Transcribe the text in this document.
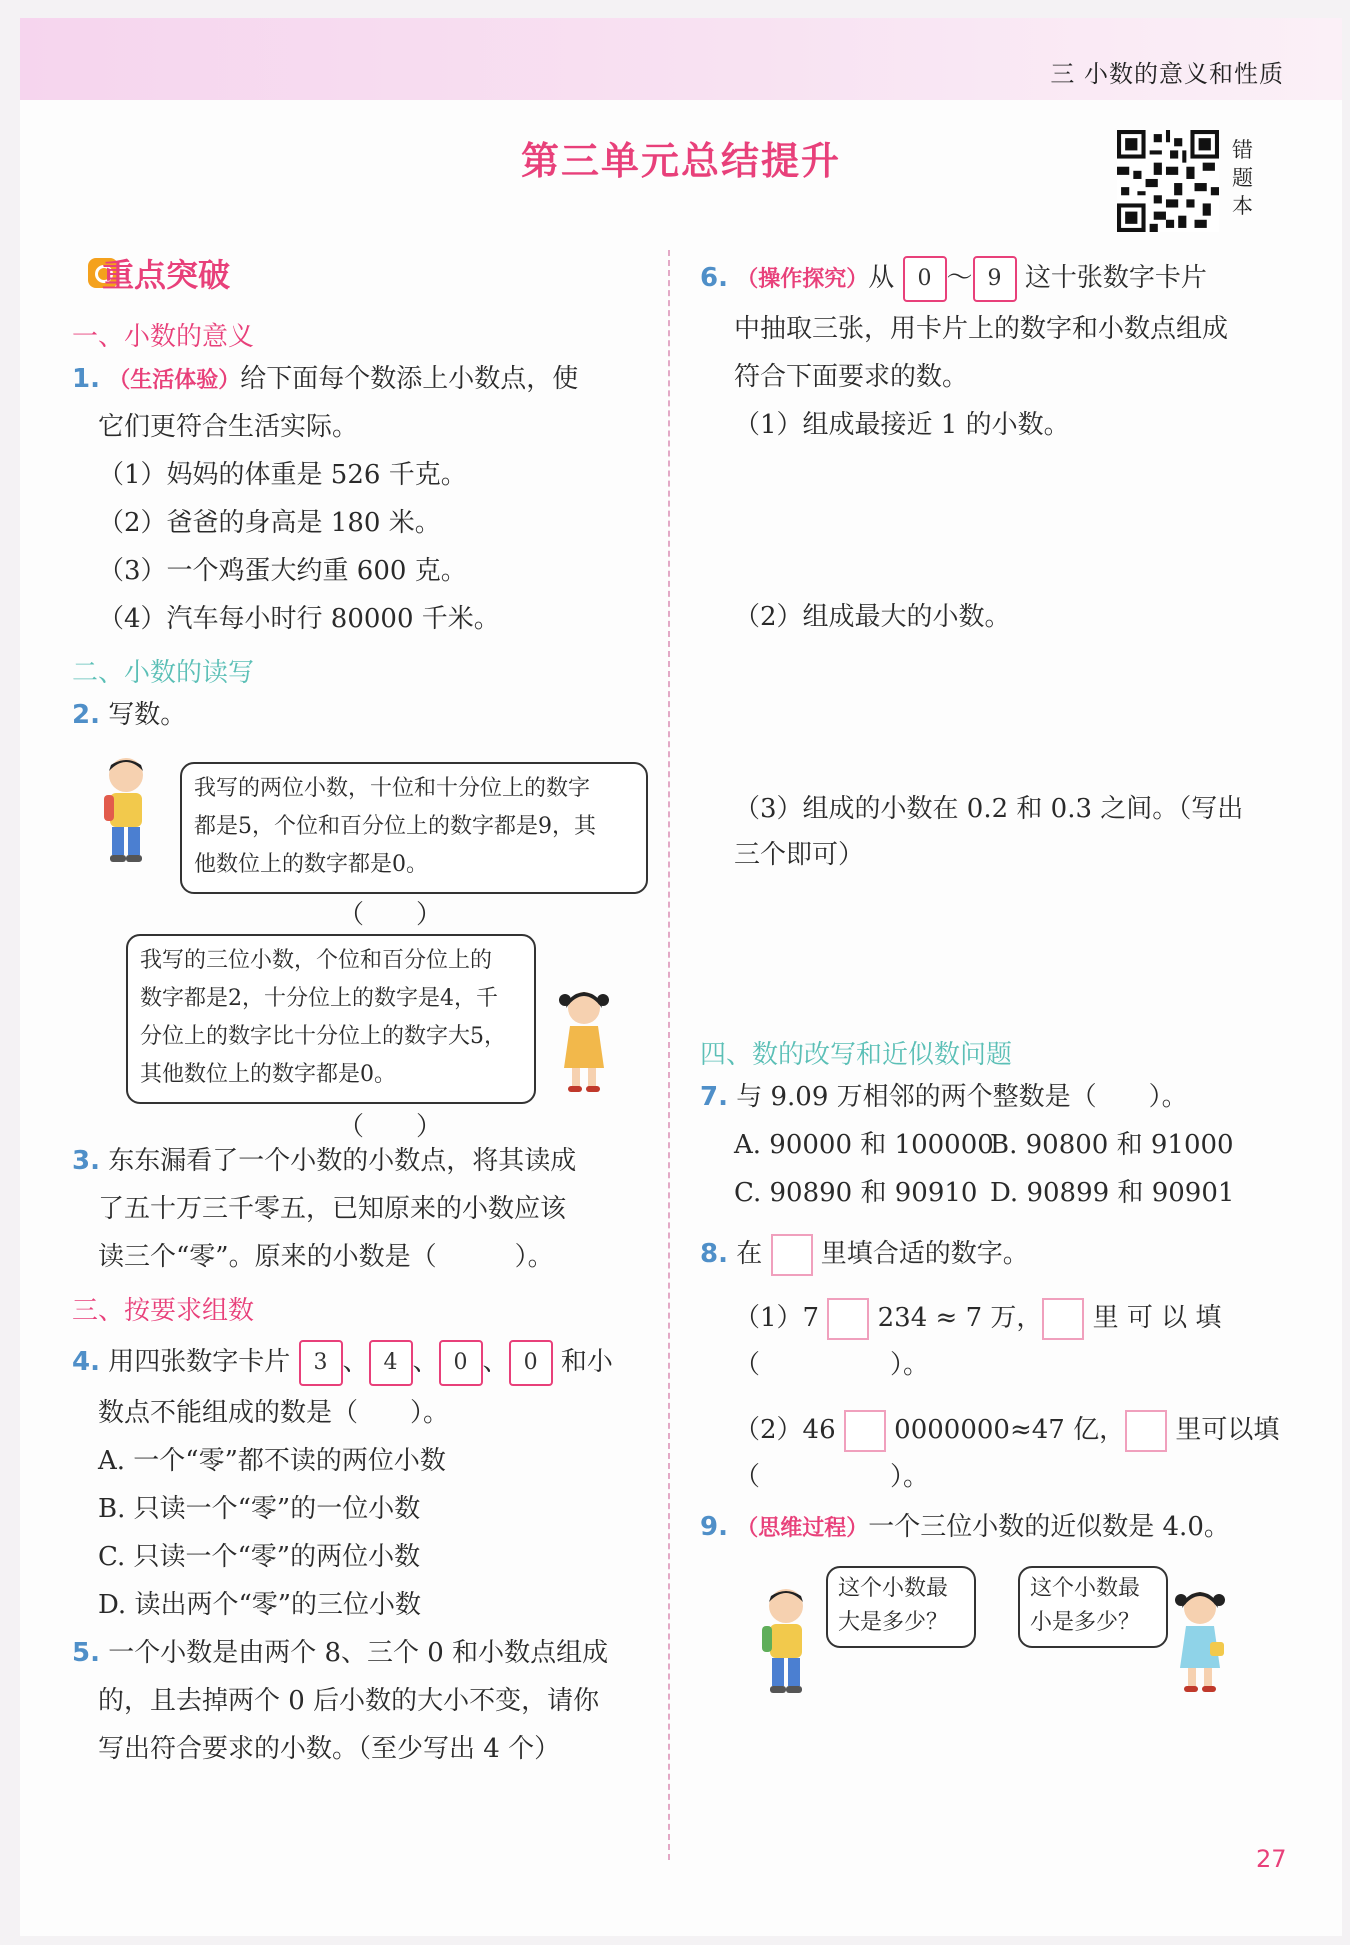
三 小数的意义和性质
第三单元总结提升	错
题
本
重点突破
一、小数的意义
1. （生活体验）给下面每个数添上小数点，使
它们更符合生活实际。
（1）妈妈的体重是 526 千克。
（2）爸爸的身高是 180 米。
（3）一个鸡蛋大约重 600 克。
（4）汽车每小时行 80000 千米。
二、小数的读写
2. 写数。
我写的两位小数，十位和十分位上的数字
都是5，个位和百分位上的数字都是9，其
他数位上的数字都是0。
（　　）
我写的三位小数，个位和百分位上的
数字都是2，十分位上的数字是4，千
分位上的数字比十分位上的数字大5，
其他数位上的数字都是0。
（　　）
3. 东东漏看了一个小数的小数点，将其读成
了五十万三千零五，已知原来的小数应该
读三个“零”。原来的小数是（　　　）。
三、按要求组数
4. 用四张数字卡片 3 、 4 、 0 、 0 和小
数点不能组成的数是（　　）。
A. 一个“零”都不读的两位小数
B. 只读一个“零”的一位小数
C. 只读一个“零”的两位小数
D. 读出两个“零”的三位小数
5. 一个小数是由两个 8、三个 0 和小数点组成
的，且去掉两个 0 后小数的大小不变，请你
写出符合要求的小数。（至少写出 4 个）
6. （操作探究）从 0 ～ 9 这十张数字卡片
中抽取三张，用卡片上的数字和小数点组成
符合下面要求的数。
（1）组成最接近 1 的小数。
（2）组成最大的小数。
（3）组成的小数在 0.2 和 0.3 之间。（写出
三个即可）
四、数的改写和近似数问题
7. 与 9.09 万相邻的两个整数是（　　）。
A. 90000 和 100000
B. 90800 和 91000
C. 90890 和 90910 D. 90899 和 90901
8. 在 里填合适的数字。
（1）7 234 ≈ 7 万， 里 可 以 填
（　　　　　）。
（2）46 0000000≈47 亿， 里可以填
（　　　　　）。
9. （思维过程）一个三位小数的近似数是 4.0。
这个小数最
大是多少？
这个小数最
小是多少？
27
